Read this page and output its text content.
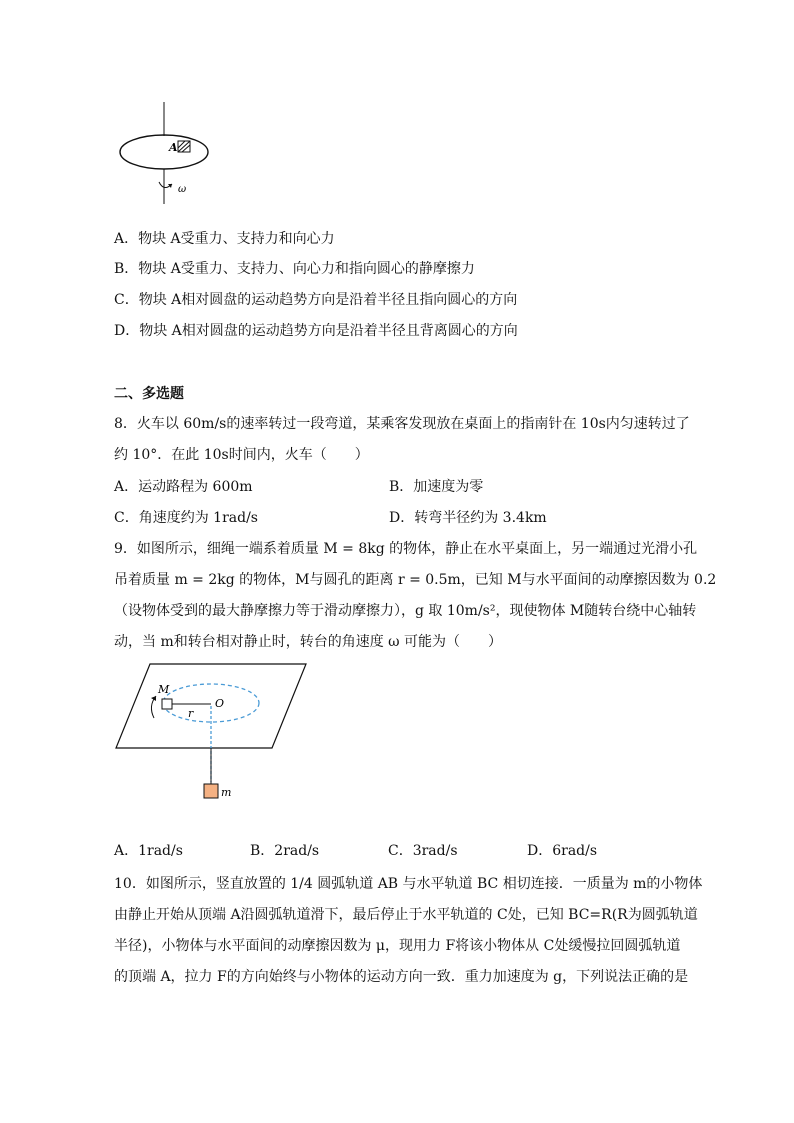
A
ω
A．物块 A受重力、支持力和向心力
B．物块 A受重力、支持力、向心力和指向圆心的静摩擦力
C．物块 A相对圆盘的运动趋势方向是沿着半径且指向圆心的方向
D．物块 A相对圆盘的运动趋势方向是沿着半径且背离圆心的方向
二、多选题
8．火车以 60m/s的速率转过一段弯道，某乘客发现放在桌面上的指南针在 10s内匀速转过了
约 10°．在此 10s时间内，火车（　　）
A．运动路程为 600m	B．加速度为零
C．角速度约为 1rad/s	D．转弯半径约为 3.4km
9．如图所示，细绳一端系着质量 M = 8kg 的物体，静止在水平桌面上，另一端通过光滑小孔
吊着质量 m = 2kg 的物体，M与圆孔的距离 r = 0.5m，已知 M与水平面间的动摩擦因数为 0.2
（设物体受到的最大静摩擦力等于滑动摩擦力），g 取 10m/s²，现使物体 M随转台绕中心轴转
动，当 m和转台相对静止时，转台的角速度 ω 可能为（　　）
M
O
r
m
A．1rad/s	B．2rad/s	C．3rad/s	D．6rad/s
10．如图所示，竖直放置的 1/4 圆弧轨道 AB 与水平轨道 BC 相切连接．一质量为 m的小物体
由静止开始从顶端 A沿圆弧轨道滑下，最后停止于水平轨道的 C处，已知 BC=R(R为圆弧轨道
半径)，小物体与水平面间的动摩擦因数为 μ，现用力 F将该小物体从 C处缓慢拉回圆弧轨道
的顶端 A，拉力 F的方向始终与小物体的运动方向一致．重力加速度为 g，下列说法正确的是
